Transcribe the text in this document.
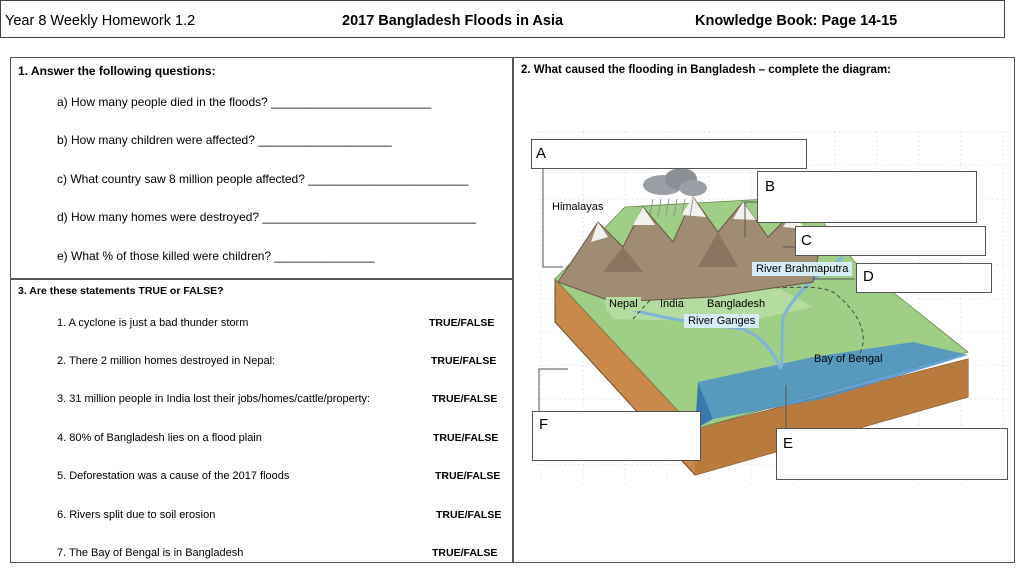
Year 8 Weekly Homework 1.2	2017 Bangladesh Floods in Asia	Knowledge Book: Page 14-15
1. Answer the following questions:
a) How many people died in the floods? ________________________
b) How many children were affected? ____________________
c) What country saw 8 million people affected? ________________________
d) How many homes were destroyed? ________________________________
e) What % of those killed were children? _______________
3. Are these statements TRUE or FALSE?
1. A cyclone is just a bad thunder storm	TRUE/FALSE
2. There 2 million homes destroyed in Nepal:	TRUE/FALSE
3. 31 million people in India lost their jobs/homes/cattle/property:	TRUE/FALSE
4. 80% of Bangladesh lies on a flood plain	TRUE/FALSE
5. Deforestation was a cause of the 2017 floods	TRUE/FALSE
6. Rivers split due to soil erosion	TRUE/FALSE
7. The Bay of Bengal is in Bangladesh	TRUE/FALSE
2. What caused the flooding in Bangladesh – complete the diagram:
Himalayas
River Brahmaputra
Nepal India Bangladesh
River Ganges
Bay of Bengal
A
B
C
D
E
F
